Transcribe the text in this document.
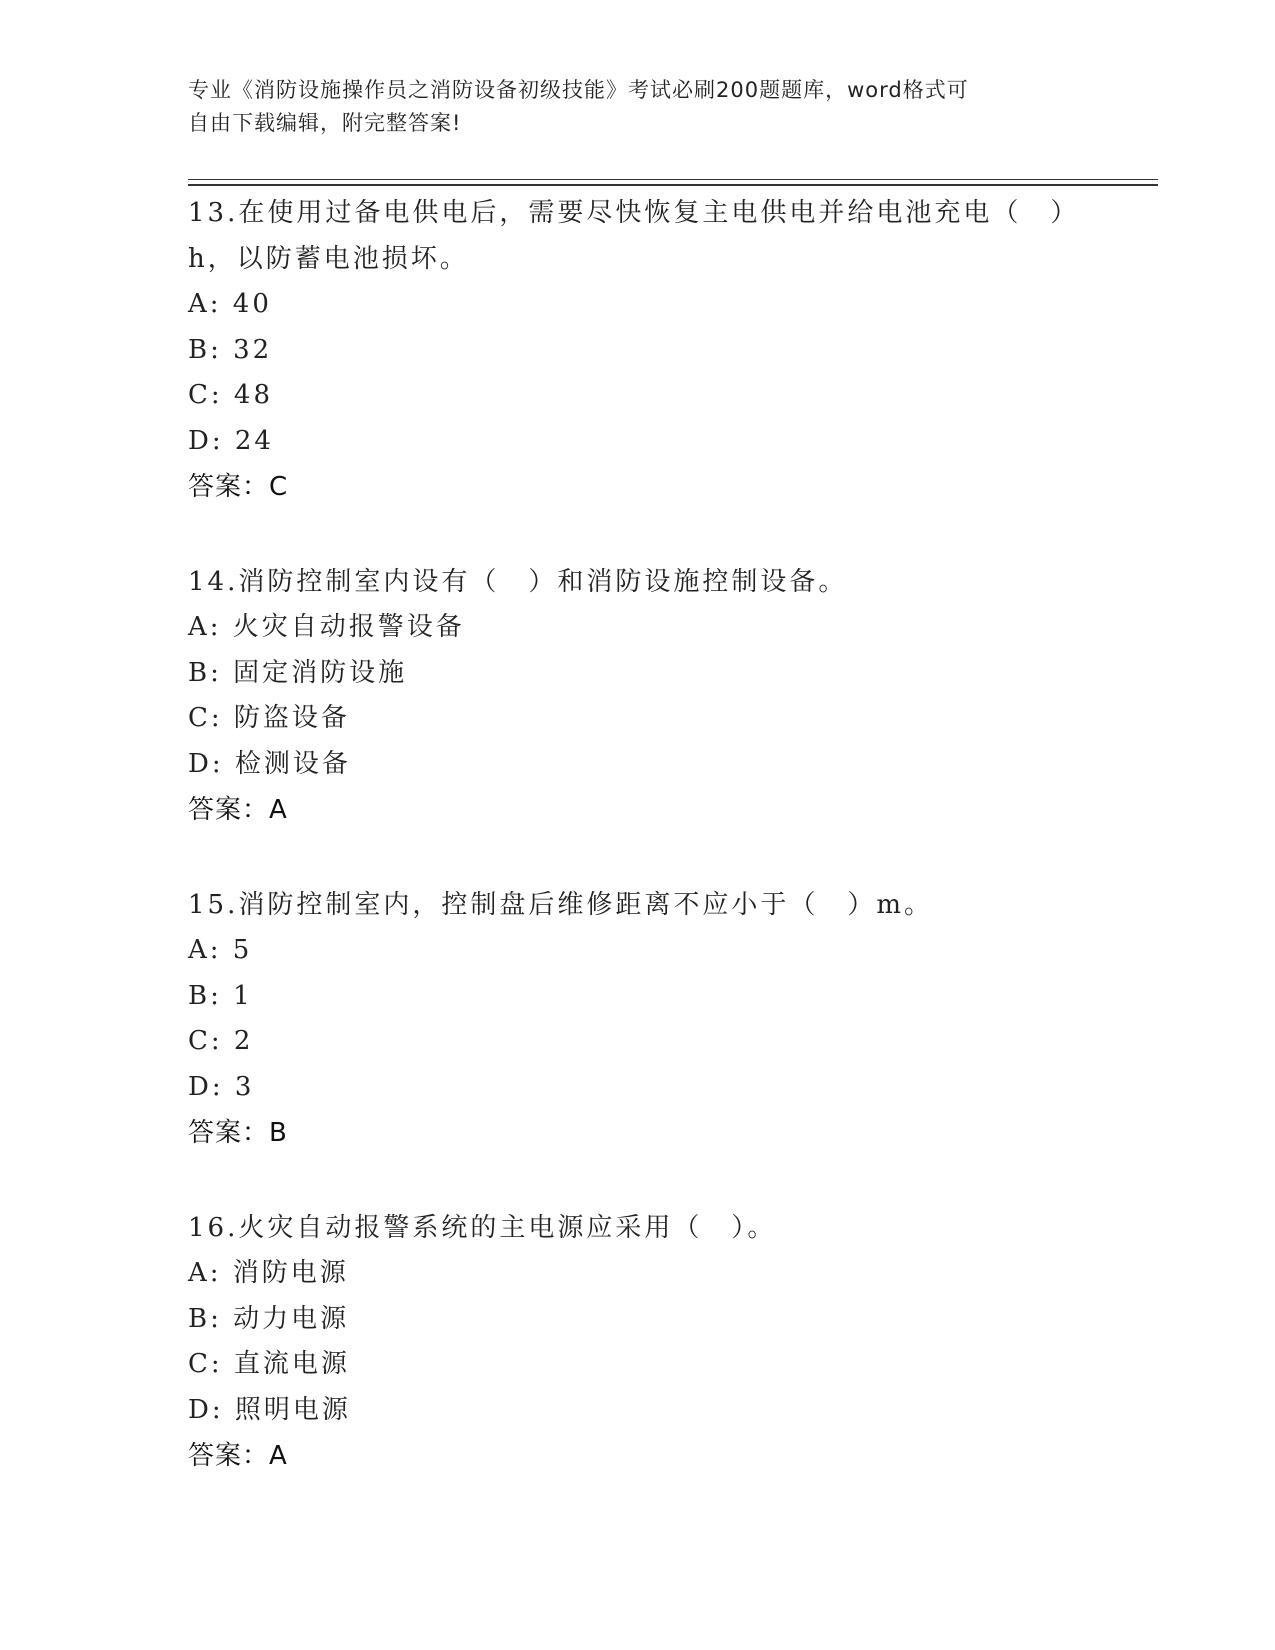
专业《消防设施操作员之消防设备初级技能》考试必刷200题题库，word格式可
自由下载编辑，附完整答案!
13.在使用过备电供电后，需要尽快恢复主电供电并给电池充电（　）
h，以防蓄电池损坏。
A: 40
B: 32
C: 48
D: 24
答案：C
14.消防控制室内设有（　）和消防设施控制设备。
A: 火灾自动报警设备
B: 固定消防设施
C: 防盗设备
D: 检测设备
答案：A
15.消防控制室内，控制盘后维修距离不应小于（　）m。
A: 5
B: 1
C: 2
D: 3
答案：B
16.火灾自动报警系统的主电源应采用（　）。
A: 消防电源
B: 动力电源
C: 直流电源
D: 照明电源
答案：A
